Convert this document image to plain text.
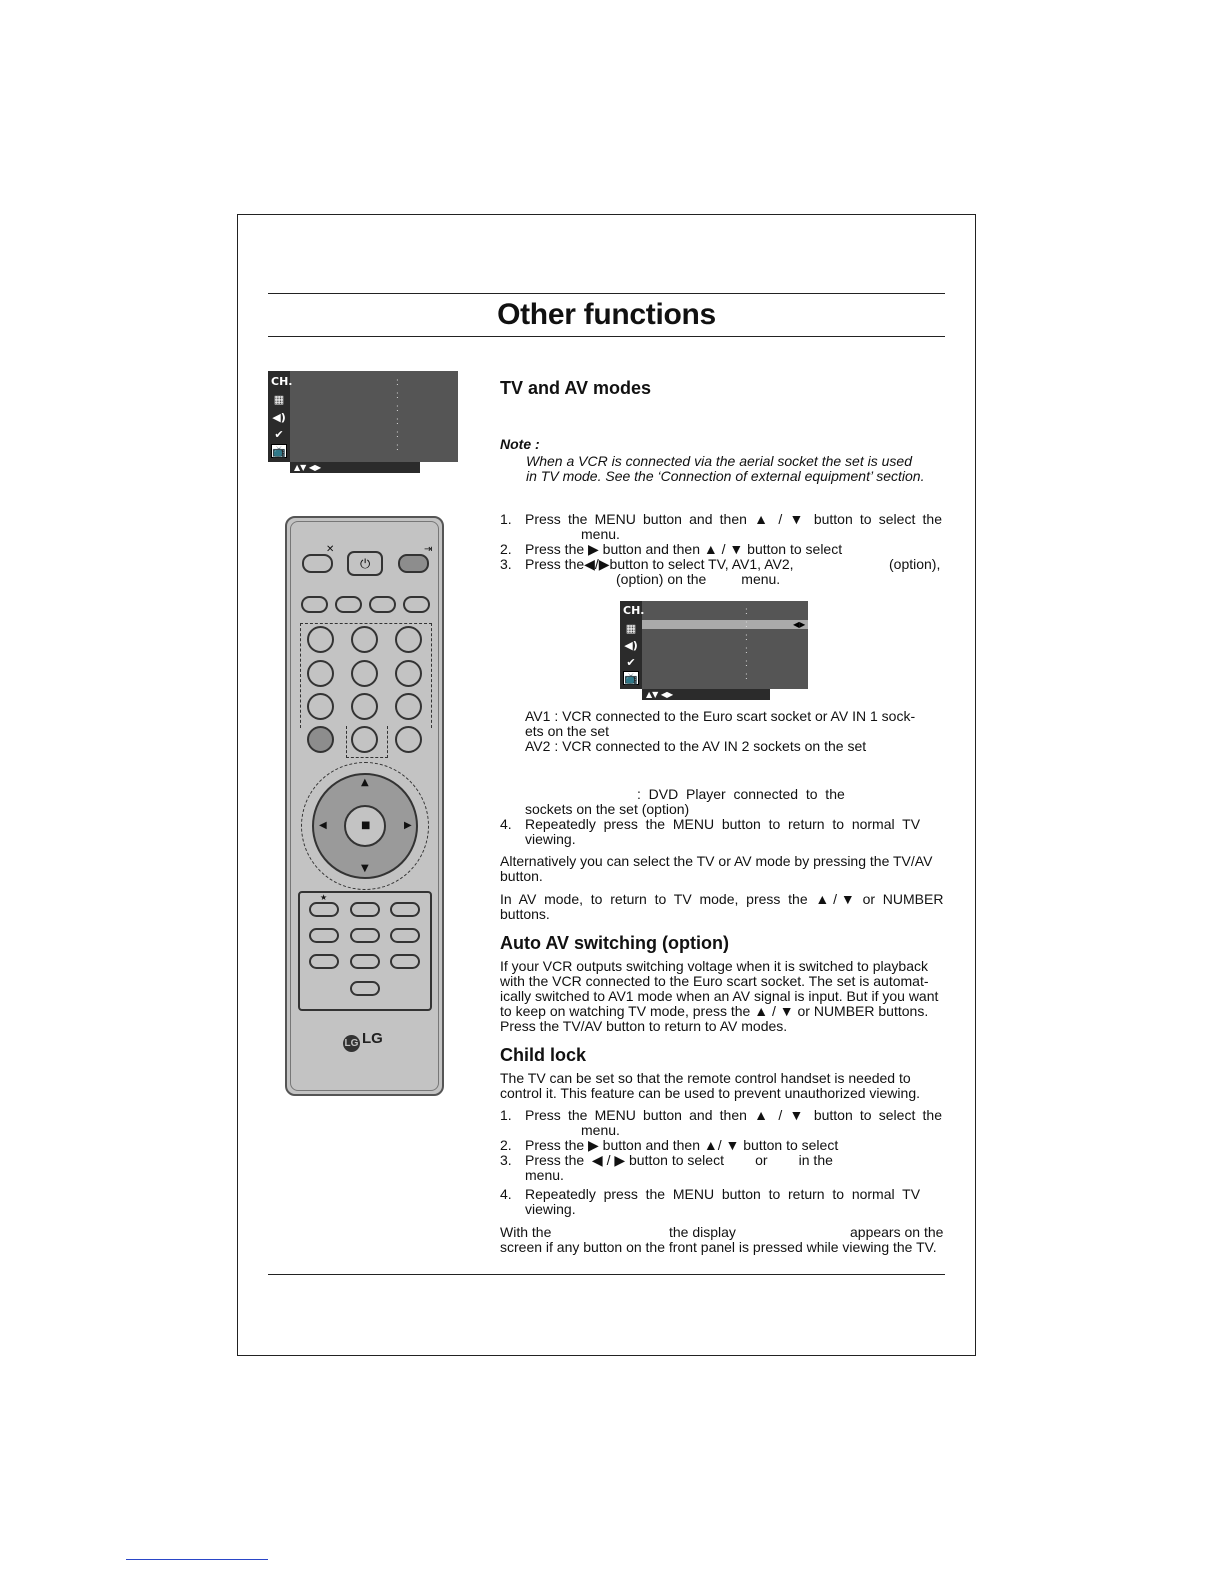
Other functions
CH.
▦
◀)
✔
📺
:
:
:
:
:
:
▲▼ ◀▶
CH.
▦
◀)
✔
📺
:
:
:
:
:
:
◀▶
▲▼ ◀▶
✕	⇥
⏻
▲
▼
◀	▶
■
★
LG LG
TV and AV modes
Note :
When a VCR is connected via the aerial socket the set is used
in TV mode. See the ‘Connection of external equipment’ section.
1. Press the MENU button and then ▲ / ▼ button to select the
menu.
2. Press the ▶ button and then ▲ / ▼ button to select
3. Press the◀/▶button to select TV, AV1, AV2,	(option),
(option) on the         menu.
AV1 : VCR connected to the Euro scart socket or AV IN 1 sock-
ets on the set
AV2 : VCR connected to the AV IN 2 sockets on the set
:  DVD  Player  connected  to  the
sockets on the set (option)
4. Repeatedly  press  the  MENU  button  to  return  to  normal  TV
viewing.
Alternatively you can select the TV or AV mode by pressing the TV/AV
button.
In  AV  mode,  to  return  to  TV  mode,  press  the  ▲ / ▼  or  NUMBER
buttons.
Auto AV switching (option)
If your VCR outputs switching voltage when it is switched to playback
with the VCR connected to the Euro scart socket. The set is automat-
ically switched to AV1 mode when an AV signal is input. But if you want
to keep on watching TV mode, press the ▲ / ▼ or NUMBER buttons.
Press the TV/AV button to return to AV modes.
Child lock
The TV can be set so that the remote control handset is needed to
control it. This feature can be used to prevent unauthorized viewing.
1. Press the MENU button and then ▲ / ▼ button to select the
menu.
2. Press the ▶ button and then ▲/ ▼ button to select
3. Press the  ◀ / ▶ button to select        or        in the
menu.
4. Repeatedly  press  the  MENU  button  to  return  to  normal  TV
viewing.
With the	the display	appears on the
screen if any button on the front panel is pressed while viewing the TV.
